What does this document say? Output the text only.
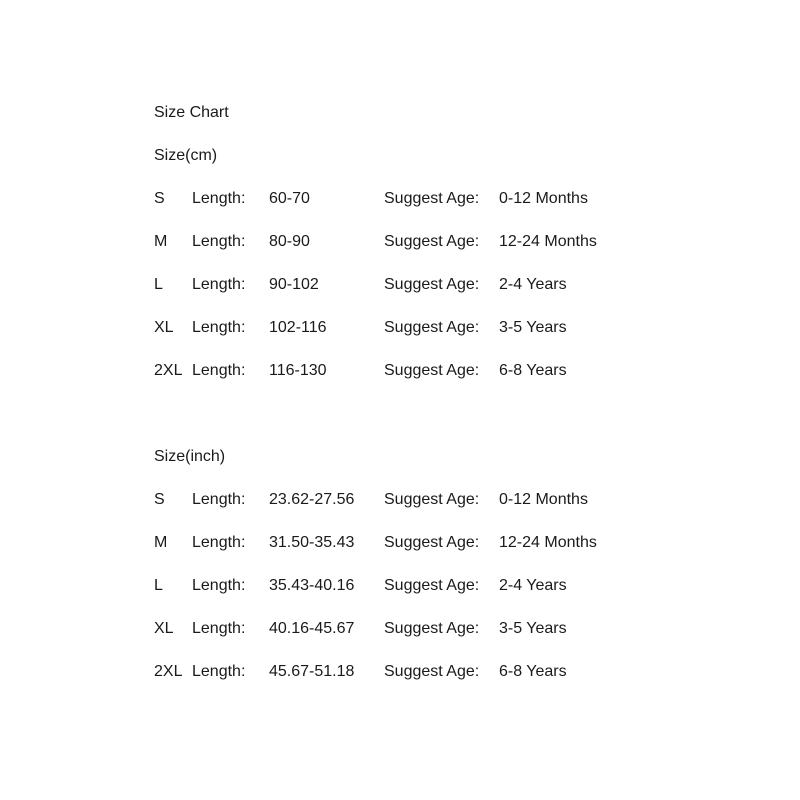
Size Chart
Size(cm)
S	Length:	60-70	Suggest Age:	0-12 Months
M	Length:	80-90	Suggest Age:	12-24 Months
L	Length:	90-102	Suggest Age:	2-4 Years
XL	Length:	102-116	Suggest Age:	3-5 Years
2XL Length:	116-130	Suggest Age:	6-8 Years
Size(inch)
S	Length:	23.62-27.56	Suggest Age:	0-12 Months
M	Length:	31.50-35.43	Suggest Age:	12-24 Months
L	Length:	35.43-40.16	Suggest Age:	2-4 Years
XL	Length:	40.16-45.67	Suggest Age:	3-5 Years
2XL Length:	45.67-51.18	Suggest Age:	6-8 Years
